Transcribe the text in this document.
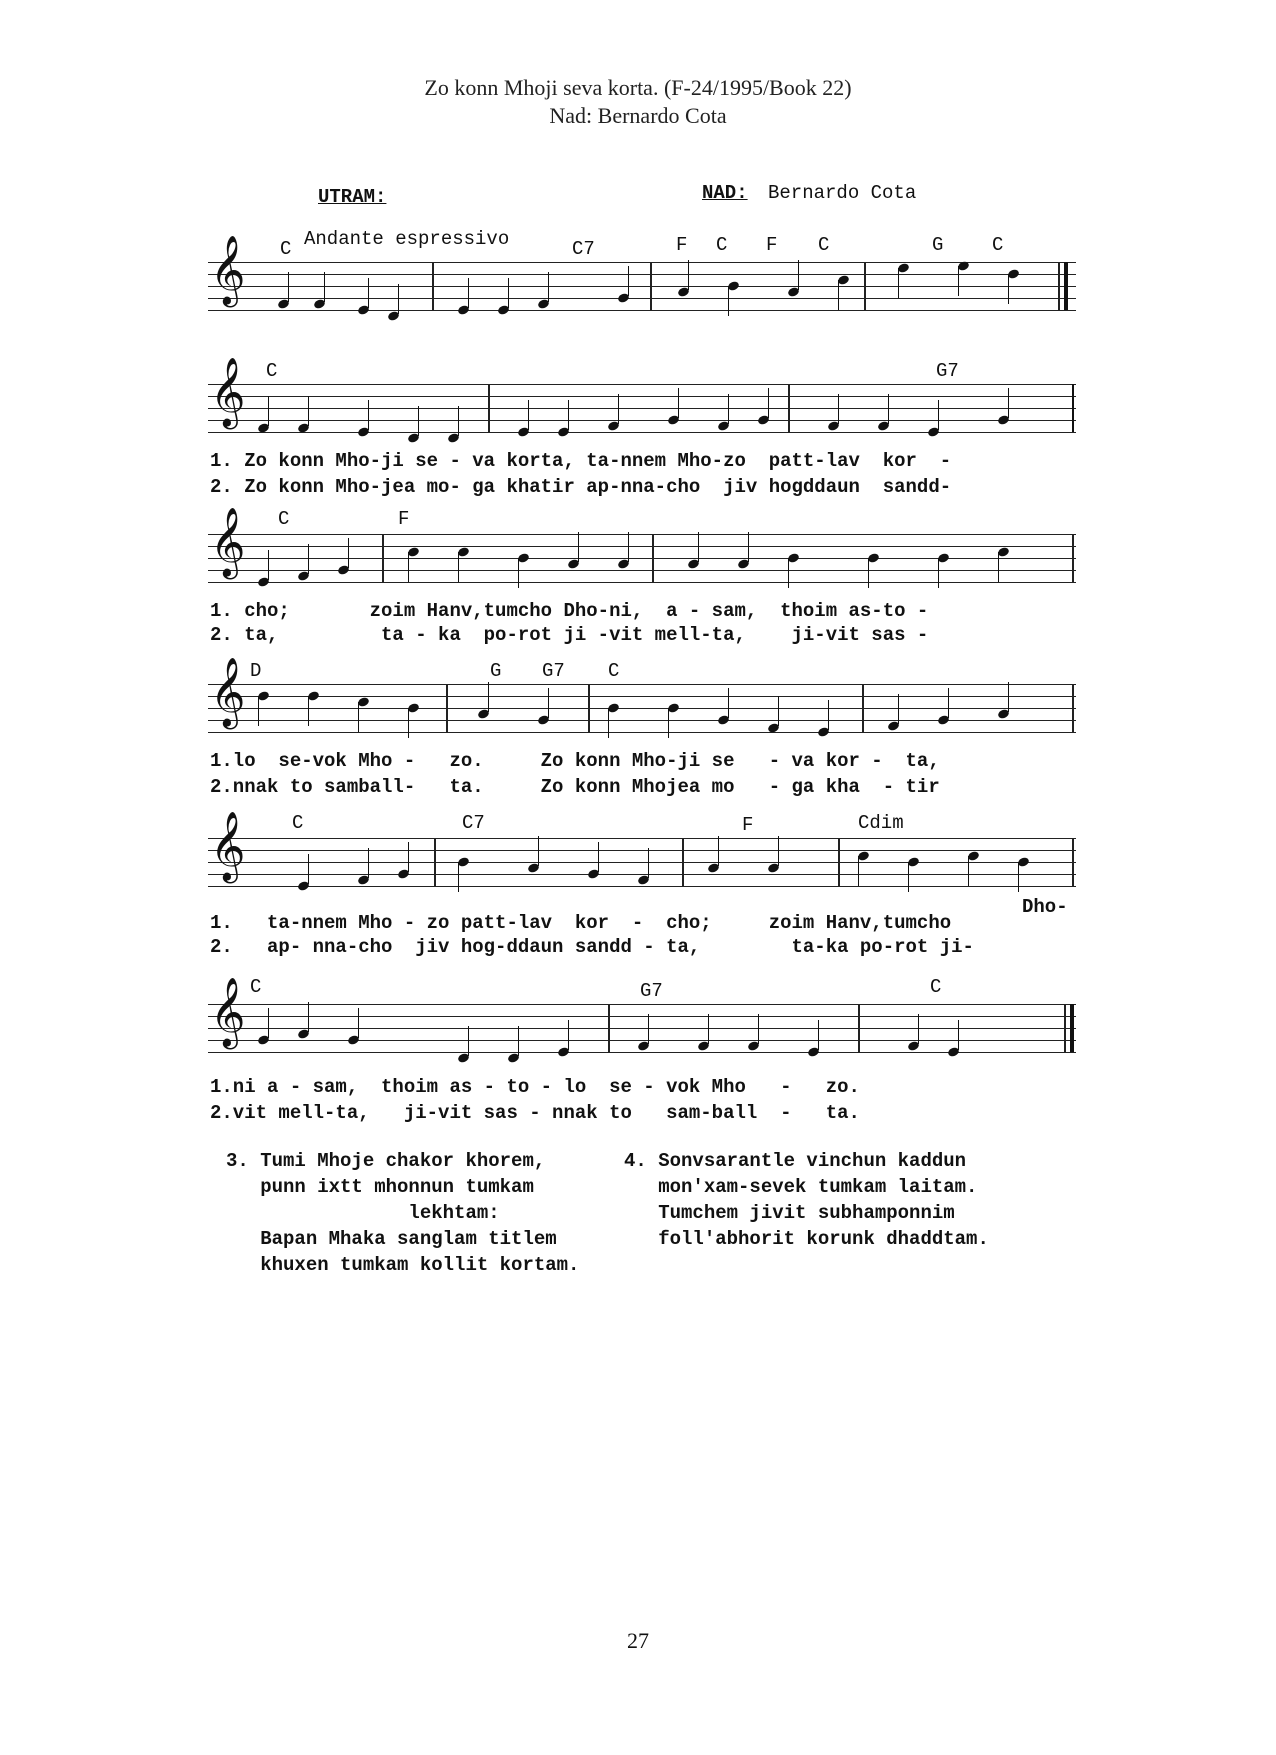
Zo konn Mhoji seva korta. (F-24/1995/Book 22)
Nad: Bernardo Cota
UTRAM:	NAD: Bernardo Cota
Andante espressivo
C	C7	F C F C	G	C
𝄞
C	G7
𝄞
1. Zo konn Mho-ji se - va korta, ta-nnem Mho-zo  patt-lav  kor  -
2. Zo konn Mho-jea mo- ga khatir ap-nna-cho  jiv hogddaun  sandd-
C	F
𝄞
1. cho;       zoim Hanv,tumcho Dho-ni,  a - sam,  thoim as-to -
2. ta,         ta - ka  po-rot ji -vit mell-ta,    ji-vit sas -
D	G G7 C
𝄞
1.lo  se-vok Mho -   zo.     Zo konn Mho-ji se   - va kor -  ta,
2.nnak to samball-   ta.     Zo konn Mhojea mo   - ga kha  - tir
C	C7	F	Cdim
𝄞
Dho-
1.   ta-nnem Mho - zo patt-lav  kor  -  cho;     zoim Hanv,tumcho
2.   ap- nna-cho  jiv hog-ddaun sandd - ta,        ta-ka po-rot ji-
C	G7	C
𝄞
1.ni a - sam,  thoim as - to - lo  se - vok Mho   -   zo.
2.vit mell-ta,   ji-vit sas - nnak to   sam-ball  -   ta.
3. Tumi Mhoje chakor khorem,
punn ixtt mhonnun tumkam
lekhtam:
Bapan Mhaka sanglam titlem
khuxen tumkam kollit kortam.
4. Sonvsarantle vinchun kaddun
mon'xam-sevek tumkam laitam.
Tumchem jivit subhamponnim
foll'abhorit korunk dhaddtam.
27
